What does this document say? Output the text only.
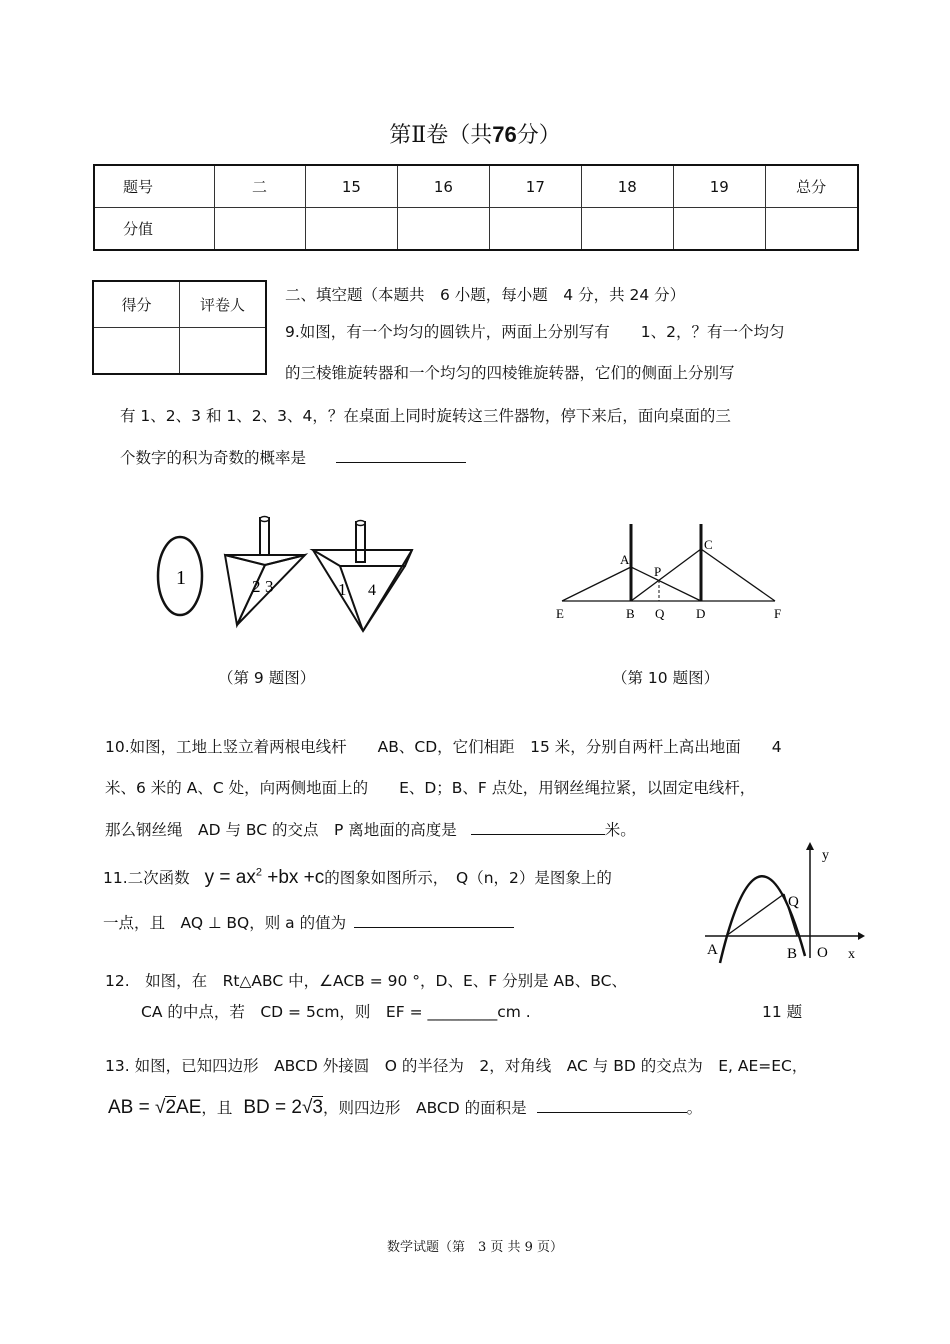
第Ⅱ卷（共76分）
题号	二	15	16	17	18	19	总分
分值							
得分	评卷人

二、填空题（本题共　6 小题，每小题　4 分，共 24 分）
9.如图，有一个均匀的圆铁片，两面上分别写有　　1、2，？有一个均匀
的三棱锥旋转器和一个均匀的四棱锥旋转器，它们的侧面上分别写
有 1、2、3 和 1、2、3、4，？在桌面上同时旋转这三件器物，停下来后，面向桌面的三
个数字的积为奇数的概率是
1	2 3	1 4
（第 9 题图）
A
B
C
D
E	F
P
Q
（第 10 题图）
10.如图，工地上竖立着两根电线杆　　AB、CD，它们相距　15 米，分别自两杆上高出地面　　4
米、6 米的 A、C 处，向两侧地面上的　　E、D；B、F 点处，用钢丝绳拉紧，以固定电线杆，
那么钢丝绳　AD 与 BC 的交点　P 离地面的高度是	米。
11.二次函数 $y = ax^2 +bx +c$的图象如图所示，　Q（n，2）是图象上的
一点，且　AQ ⊥ BQ，则 a 的值为
y
x
A	B O
Q
11 题
12.　如图，在　Rt△ABC 中，∠ACB = 90 °，D、E、F 分别是 AB、BC、
CA 的中点，若　CD = 5cm，则　EF = _________cm .
13. 如图，已知四边形　ABCD 外接圆　O 的半径为　2，对角线　AC 与 BD 的交点为　E, AE=EC，
AB = √2AE，且 BD = 2√3，则四边形　ABCD 的面积是	。
数学试题（第　3 页 共 9 页）
